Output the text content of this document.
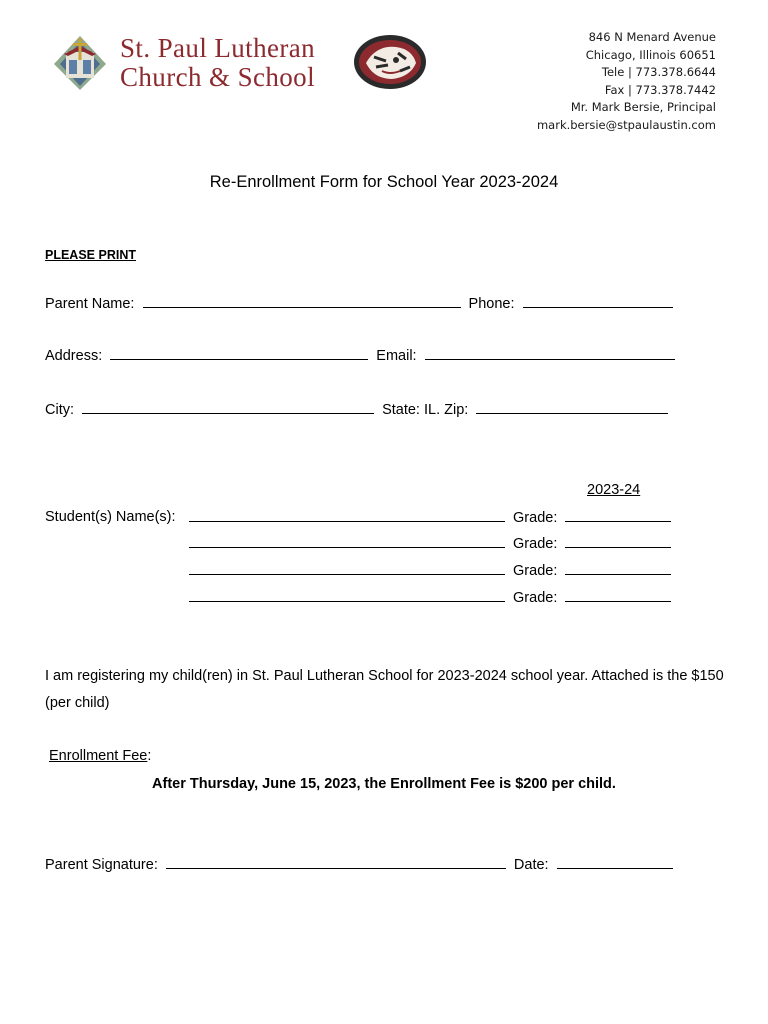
St. Paul Lutheran
Church & School
846 N Menard Avenue
Chicago, Illinois 60651
Tele | 773.378.6644
Fax | 773.378.7442
Mr. Mark Bersie, Principal
mark.bersie@stpaulaustin.com
Re-Enrollment Form for School Year 2023-2024
PLEASE PRINT
Parent Name:	Phone:
Address:	Email:
City:	State: IL. Zip:
2023-24
Student(s) Name(s):	Grade:
Grade:
Grade:
Grade:
I am registering my child(ren) in St. Paul Lutheran School for 2023-2024 school year. Attached is the $150 (per child)
Enrollment Fee:
After Thursday, June 15, 2023, the Enrollment Fee is $200 per child.
Parent Signature:	Date:
